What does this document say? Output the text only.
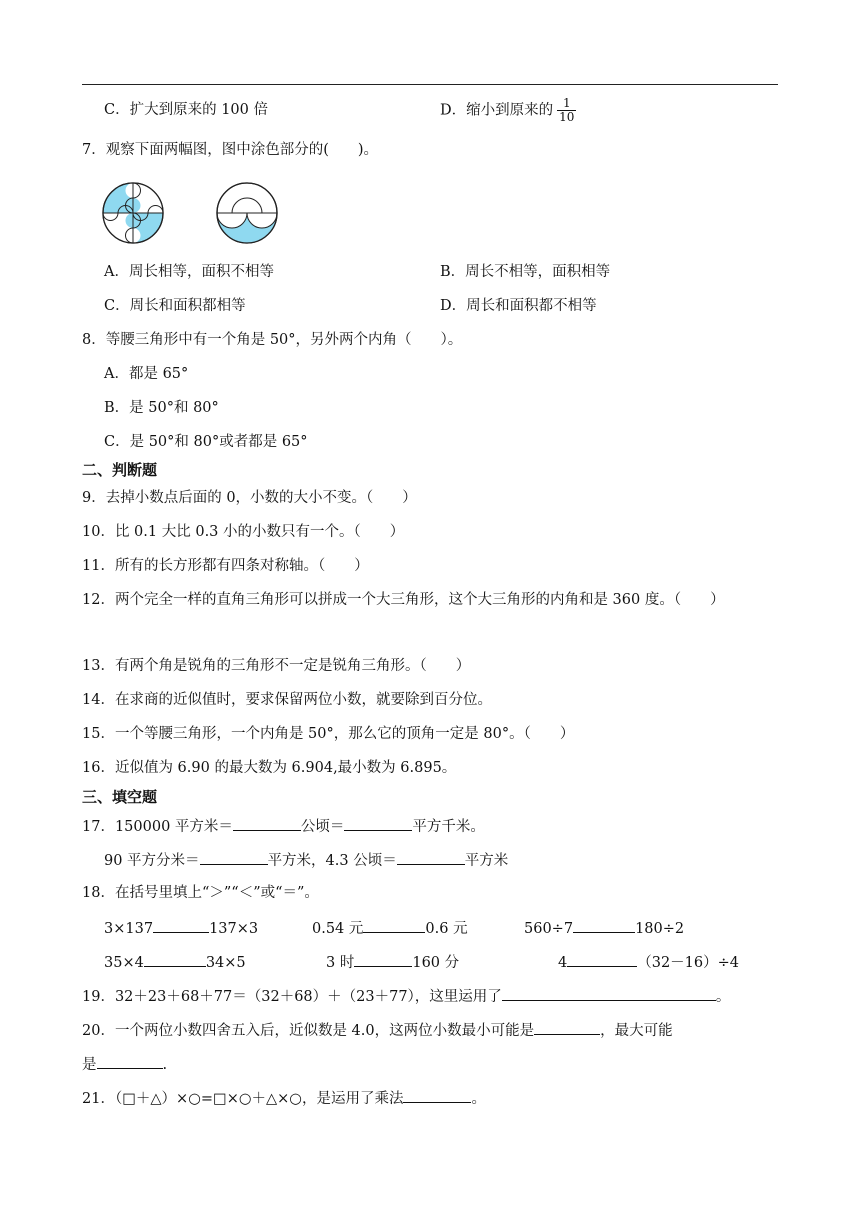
C．扩大到原来的 100 倍	D．缩小到原来的 $\frac{1}{10}$
7．观察下面两幅图，图中涂色部分的(　　)。
A．周长相等，面积不相等	B．周长不相等，面积相等
C．周长和面积都相等	D．周长和面积都不相等
8．等腰三角形中有一个角是 50°，另外两个内角（　　）。
A．都是 65°
B．是 50°和 80°
C．是 50°和 80°或者都是 65°
二、判断题
9．去掉小数点后面的 0，小数的大小不变。（　　）
10．比 0.1 大比 0.3 小的小数只有一个。（　　）
11．所有的长方形都有四条对称轴。（　　）
12．两个完全一样的直角三角形可以拼成一个大三角形，这个大三角形的内角和是 360 度。（　　）
13．有两个角是锐角的三角形不一定是锐角三角形。（　　）
14．在求商的近似值时，要求保留两位小数，就要除到百分位。
15．一个等腰三角形，一个内角是 50°，那么它的顶角一定是 80°。（　　）
16．近似值为 6.90 的最大数为 6.904,最小数为 6.895。
三、填空题
17．150000 平方米＝	公顷＝	平方千米。
90 平方分米＝	平方米，4.3 公顷＝	平方米
18．在括号里填上“＞”“＜”或“＝”。
3×137	137×3	0.54 元	0.6 元	560÷7	180÷2
35×4	34×5	3 时	160 分	4	（32－16）÷4
19．32＋23＋68＋77＝（32＋68）＋（23＋77），这里运用了	。
20．一个两位小数四舍五入后，近似数是 4.0，这两位小数最小可能是	，最大可能
是	.
21．（□＋△）×○=□×○＋△×○，是运用了乘法	。
